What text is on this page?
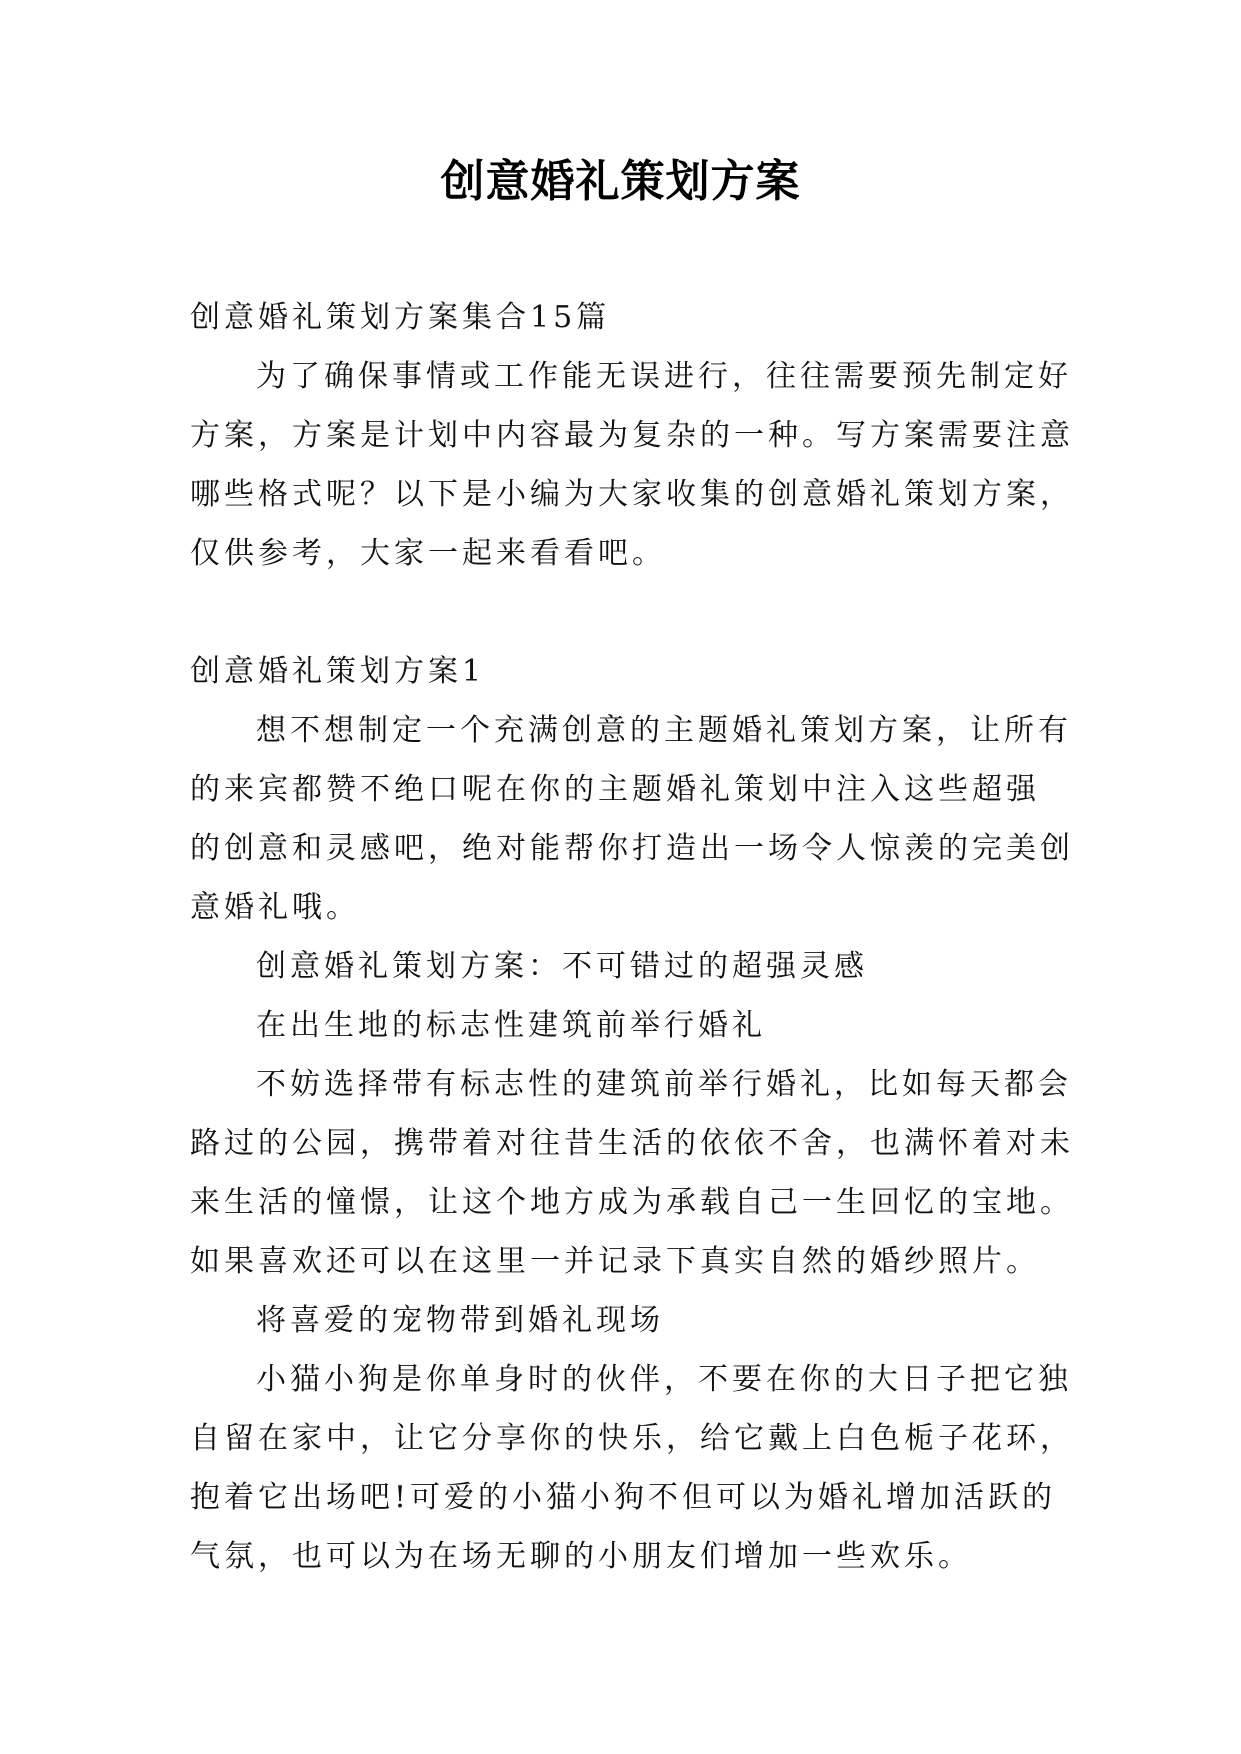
创意婚礼策划方案
创意婚礼策划方案集合15篇
为了确保事情或工作能无误进行，往往需要预先制定好
方案，方案是计划中内容最为复杂的一种。写方案需要注意
哪些格式呢？以下是小编为大家收集的创意婚礼策划方案，
仅供参考，大家一起来看看吧。
创意婚礼策划方案1
想不想制定一个充满创意的主题婚礼策划方案，让所有
的来宾都赞不绝口呢在你的主题婚礼策划中注入这些超强
的创意和灵感吧，绝对能帮你打造出一场令人惊羡的完美创
意婚礼哦。
创意婚礼策划方案：不可错过的超强灵感
在出生地的标志性建筑前举行婚礼
不妨选择带有标志性的建筑前举行婚礼，比如每天都会
路过的公园，携带着对往昔生活的依依不舍，也满怀着对未
来生活的憧憬，让这个地方成为承载自己一生回忆的宝地。
如果喜欢还可以在这里一并记录下真实自然的婚纱照片。
将喜爱的宠物带到婚礼现场
小猫小狗是你单身时的伙伴，不要在你的大日子把它独
自留在家中，让它分享你的快乐，给它戴上白色栀子花环，
抱着它出场吧!可爱的小猫小狗不但可以为婚礼增加活跃的
气氛，也可以为在场无聊的小朋友们增加一些欢乐。
